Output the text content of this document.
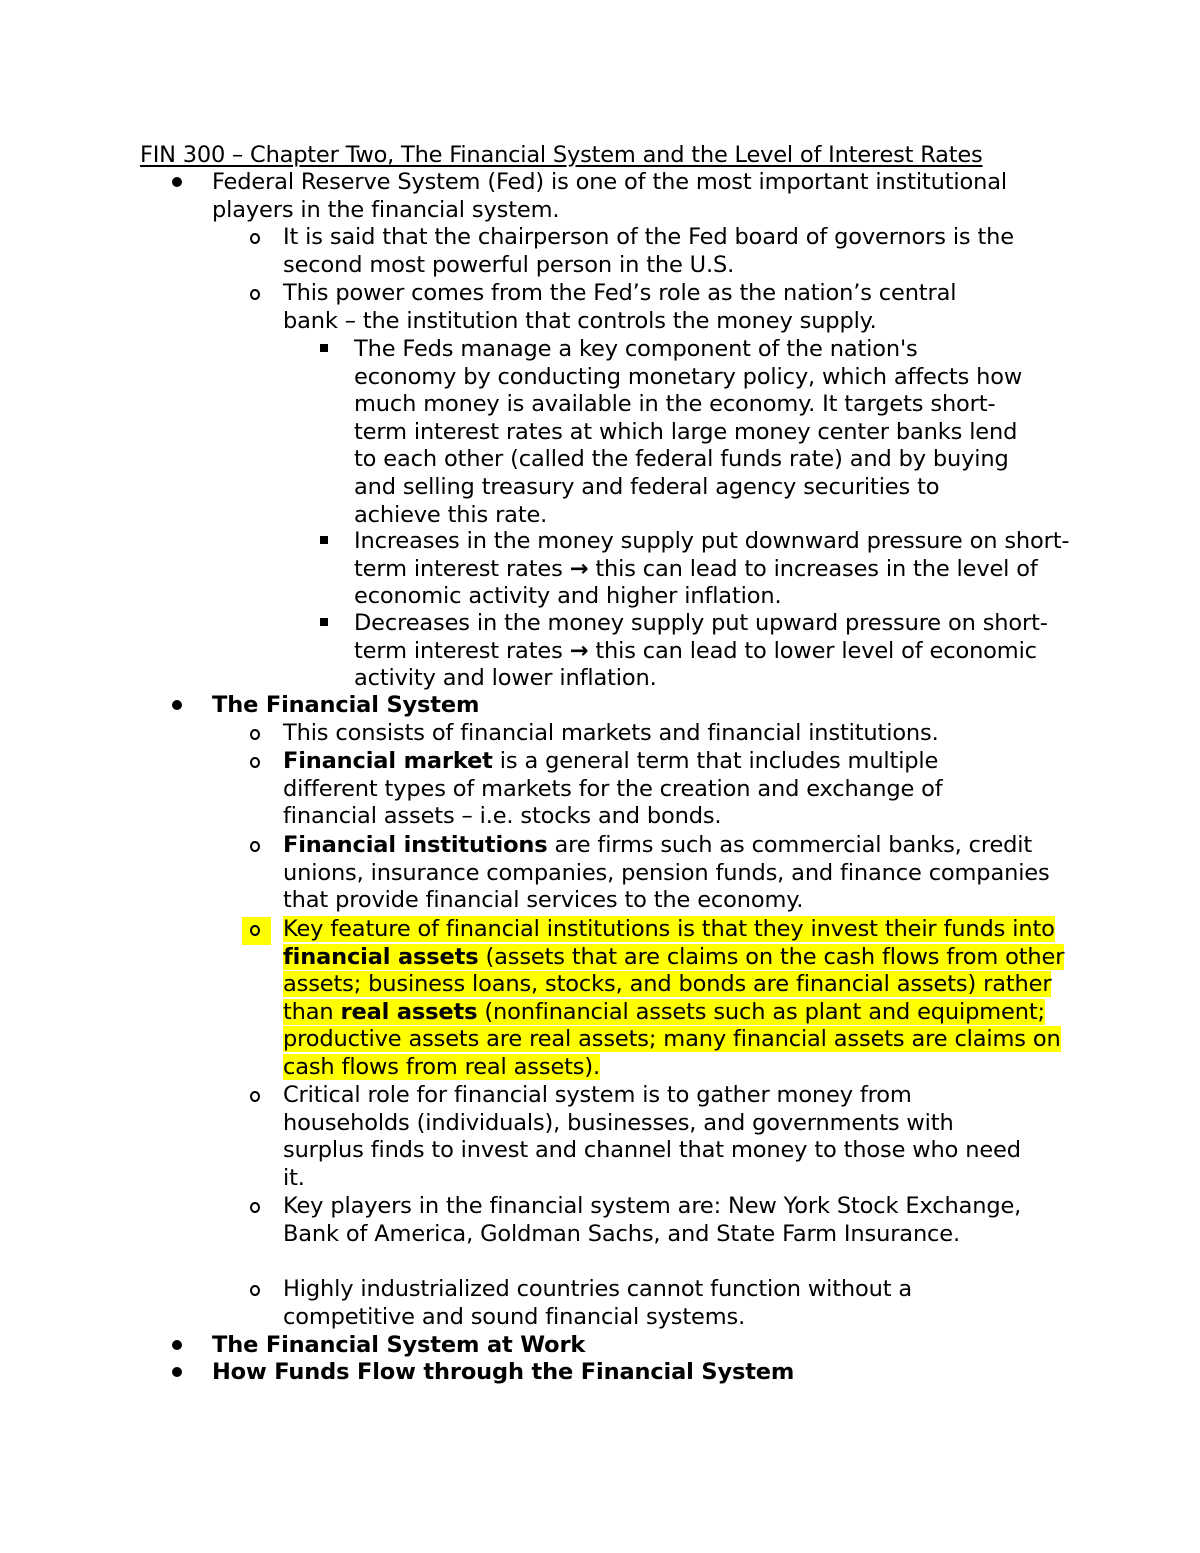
FIN 300 – Chapter Two, The Financial System and the Level of Interest Rates
Federal Reserve System (Fed) is one of the most important institutional players in the financial system.
It is said that the chairperson of the Fed board of governors is the second most powerful person in the U.S.
This power comes from the Fed’s role as the nation’s central bank – the institution that controls the money supply.
The Feds manage a key component of the nation's economy by conducting monetary policy, which affects how much money is available in the economy. It targets short-term interest rates at which large money center banks lend to each other (called the federal funds rate) and by buying and selling treasury and federal agency securities to achieve this rate.
Increases in the money supply put downward pressure on short-term interest rates → this can lead to increases in the level of economic activity and higher inflation.
Decreases in the money supply put upward pressure on short-term interest rates → this can lead to lower level of economic activity and lower inflation.
The Financial System
This consists of financial markets and financial institutions.
Financial market is a general term that includes multiple different types of markets for the creation and exchange of financial assets – i.e. stocks and bonds.
Financial institutions are firms such as commercial banks, credit unions, insurance companies, pension funds, and finance companies that provide financial services to the economy.
Key feature of financial institutions is that they invest their funds into financial assets (assets that are claims on the cash flows from other assets; business loans, stocks, and bonds are financial assets) rather than real assets (nonfinancial assets such as plant and equipment; productive assets are real assets; many financial assets are claims on cash flows from real assets).
Critical role for financial system is to gather money from households (individuals), businesses, and governments with surplus finds to invest and channel that money to those who need it.
Key players in the financial system are: New York Stock Exchange, Bank of America, Goldman Sachs, and State Farm Insurance.
Highly industrialized countries cannot function without a competitive and sound financial systems.
The Financial System at Work
How Funds Flow through the Financial System
